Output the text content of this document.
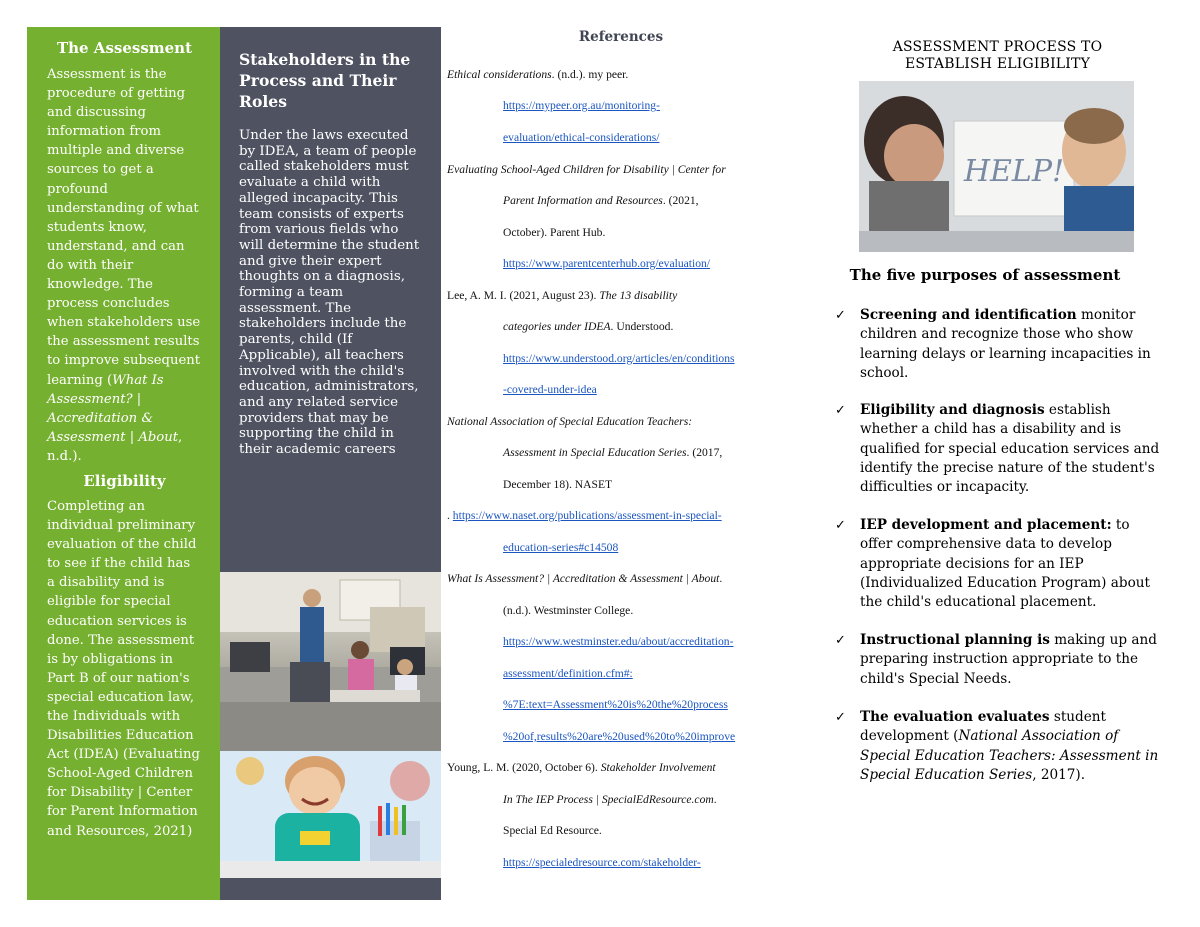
The Assessment

Assessment is the procedure of getting and discussing information from multiple and diverse sources to get a profound understanding of what students know, understand, and can do with their knowledge. The process concludes when stakeholders use the assessment results to improve subsequent learning (What Is Assessment? | Accreditation & Assessment | About, n.d.).

Eligibility

Completing an individual preliminary evaluation of the child to see if the child has a disability and is eligible for special education services is done. The assessment is by obligations in Part B of our nation's special education law, the Individuals with Disabilities Education Act (IDEA) (Evaluating School-Aged Children for Disability | Center for Parent Information and Resources, 2021)

Stakeholders in the Process and Their Roles

Under the laws executed by IDEA, a team of people called stakeholders must evaluate a child with alleged incapacity. This team consists of experts from various fields who will determine the student and give their expert thoughts on a diagnosis, forming a team assessment. The stakeholders include the parents, child (If Applicable), all teachers involved with the child's education, administrators, and any related service providers that may be supporting the child in their academic careers

References
Ethical considerations. (n.d.). my peer.
https://mypeer.org.au/monitoring-
evaluation/ethical-considerations/
Evaluating School-Aged Children for Disability | Center for
Parent Information and Resources. (2021,
October). Parent Hub.
https://www.parentcenterhub.org/evaluation/
Lee, A. M. I. (2021, August 23). The 13 disability
categories under IDEA. Understood.
https://www.understood.org/articles/en/conditions
-covered-under-idea
National Association of Special Education Teachers:
Assessment in Special Education Series. (2017,
December 18). NASET
. https://www.naset.org/publications/assessment-in-special-
education-series#c14508
What Is Assessment? | Accreditation & Assessment | About.
(n.d.). Westminster College.
https://www.westminster.edu/about/accreditation-
assessment/definition.cfm#:
%7E:text=Assessment%20is%20the%20process
%20of,results%20are%20used%20to%20improve
Young, L. M. (2020, October 6). Stakeholder Involvement
In The IEP Process | SpecialEdResource.com.
Special Ed Resource.
https://specialedresource.com/stakeholder-
ASSESSMENT PROCESS TO
ESTABLISH ELIGIBILITY
HELP!
The five purposes of assessment
✓ Screening and identification monitor children and recognize those who show learning delays or learning incapacities in school.
✓ Eligibility and diagnosis establish whether a child has a disability and is qualified for special education services and identify the precise nature of the student's difficulties or incapacity.
✓ IEP development and placement: to offer comprehensive data to develop appropriate decisions for an IEP (Individualized Education Program) about the child's educational placement.
✓ Instructional planning is making up and preparing instruction appropriate to the child's Special Needs.
✓ The evaluation evaluates student development (National Association of Special Education Teachers: Assessment in Special Education Series, 2017).
